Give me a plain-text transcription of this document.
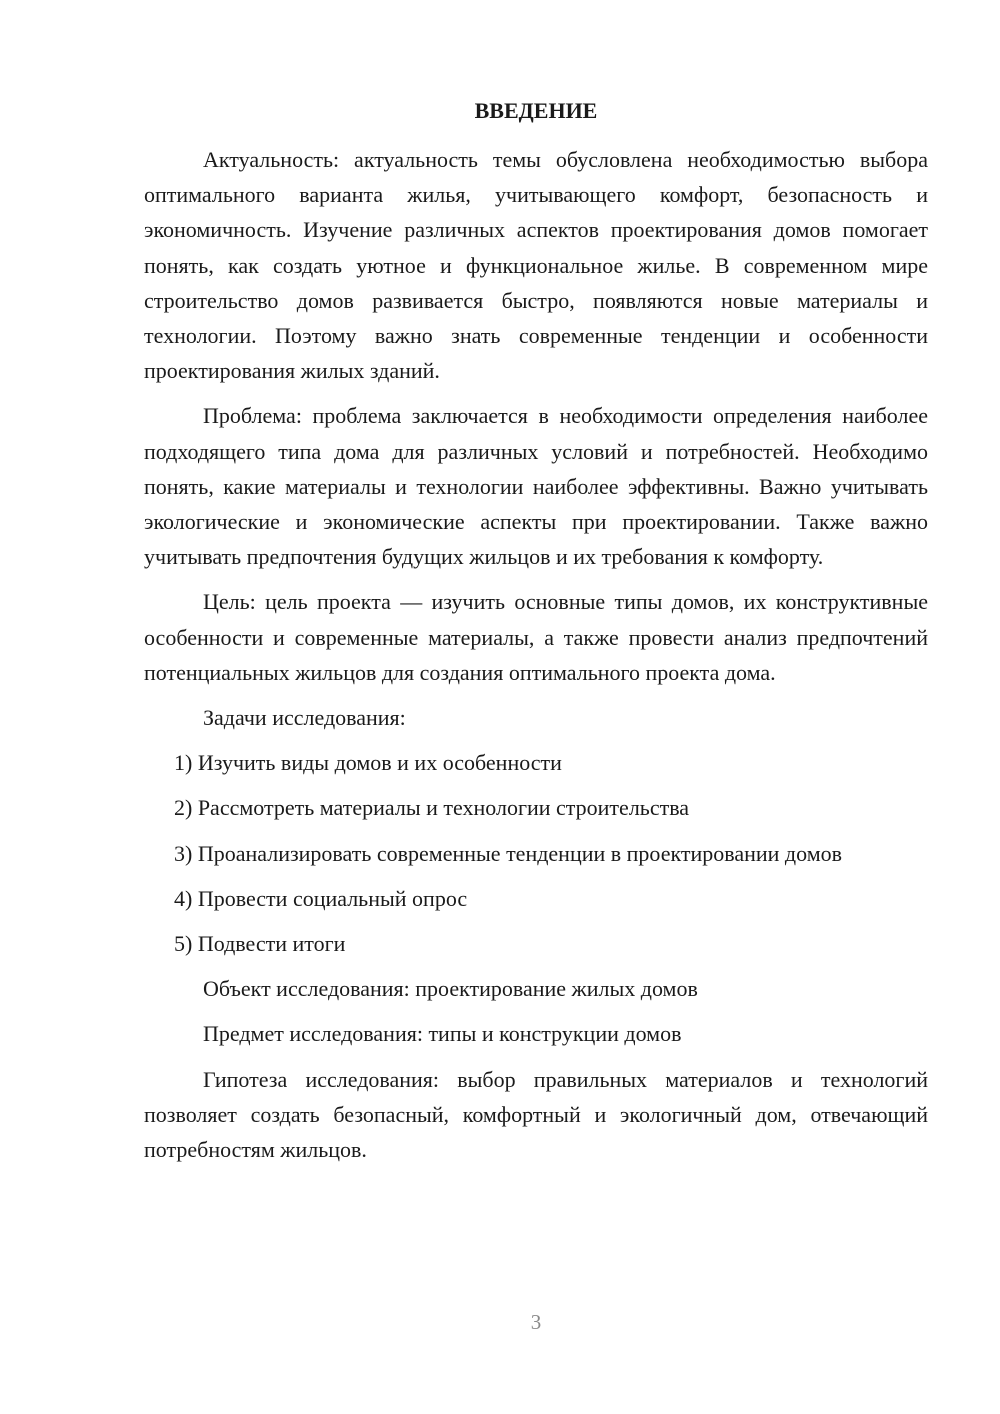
ВВЕДЕНИЕ

Актуальность: актуальность темы обусловлена необходимостью выбора оптимального варианта жилья, учитывающего комфорт, безопасность и экономичность. Изучение различных аспектов проектирования домов помогает понять, как создать уютное и функциональное жилье. В современном мире строительство домов развивается быстро, появляются новые материалы и технологии. Поэтому важно знать современные тенденции и особенности проектирования жилых зданий.

Проблема: проблема заключается в необходимости определения наиболее подходящего типа дома для различных условий и потребностей. Необходимо понять, какие материалы и технологии наиболее эффективны. Важно учитывать экологические и экономические аспекты при проектировании. Также важно учитывать предпочтения будущих жильцов и их требования к комфорту.

Цель: цель проекта — изучить основные типы домов, их конструктивные особенности и современные материалы, а также провести анализ предпочтений потенциальных жильцов для создания оптимального проекта дома.

Задачи исследования:

1) Изучить виды домов и их особенности

2) Рассмотреть материалы и технологии строительства

3) Проанализировать современные тенденции в проектировании домов

4) Провести социальный опрос

5) Подвести итоги

Объект исследования: проектирование жилых домов

Предмет исследования: типы и конструкции домов

Гипотеза исследования: выбор правильных материалов и технологий позволяет создать безопасный, комфортный и экологичный дом, отвечающий потребностям жильцов.

3
